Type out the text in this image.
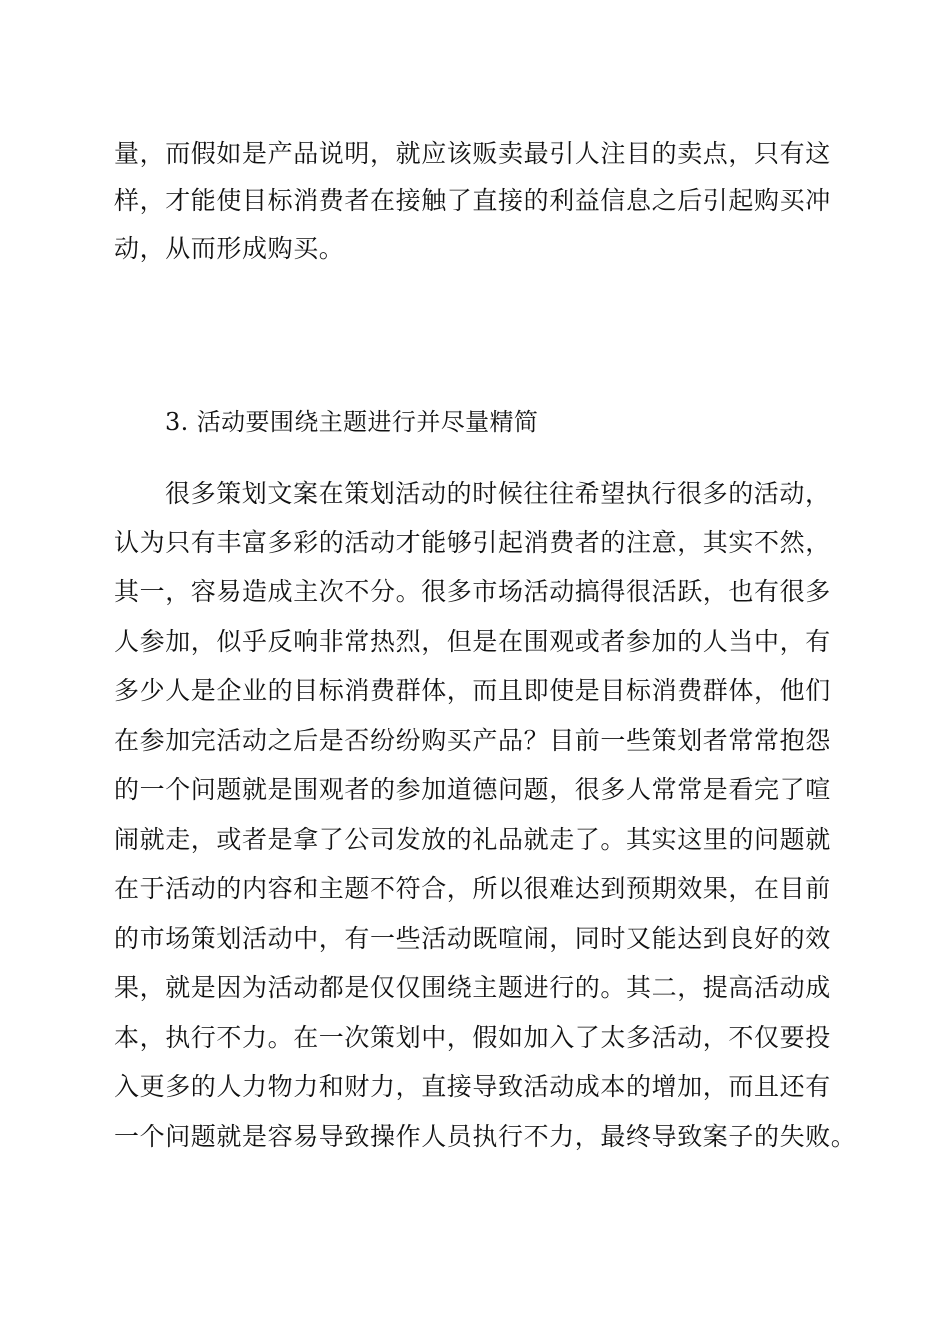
量，而假如是产品说明，就应该贩卖最引人注目的卖点，只有这
样，才能使目标消费者在接触了直接的利益信息之后引起购买冲
动，从而形成购买。
3. 活动要围绕主题进行并尽量精简
很多策划文案在策划活动的时候往往希望执行很多的活动，
认为只有丰富多彩的活动才能够引起消费者的注意，其实不然，
其一，容易造成主次不分。很多市场活动搞得很活跃，也有很多
人参加，似乎反响非常热烈，但是在围观或者参加的人当中，有
多少人是企业的目标消费群体，而且即使是目标消费群体，他们
在参加完活动之后是否纷纷购买产品？目前一些策划者常常抱怨
的一个问题就是围观者的参加道德问题，很多人常常是看完了喧
闹就走，或者是拿了公司发放的礼品就走了。其实这里的问题就
在于活动的内容和主题不符合，所以很难达到预期效果，在目前
的市场策划活动中，有一些活动既喧闹，同时又能达到良好的效
果，就是因为活动都是仅仅围绕主题进行的。其二，提高活动成
本，执行不力。在一次策划中，假如加入了太多活动，不仅要投
入更多的人力物力和财力，直接导致活动成本的增加，而且还有
一个问题就是容易导致操作人员执行不力，最终导致案子的失败。
